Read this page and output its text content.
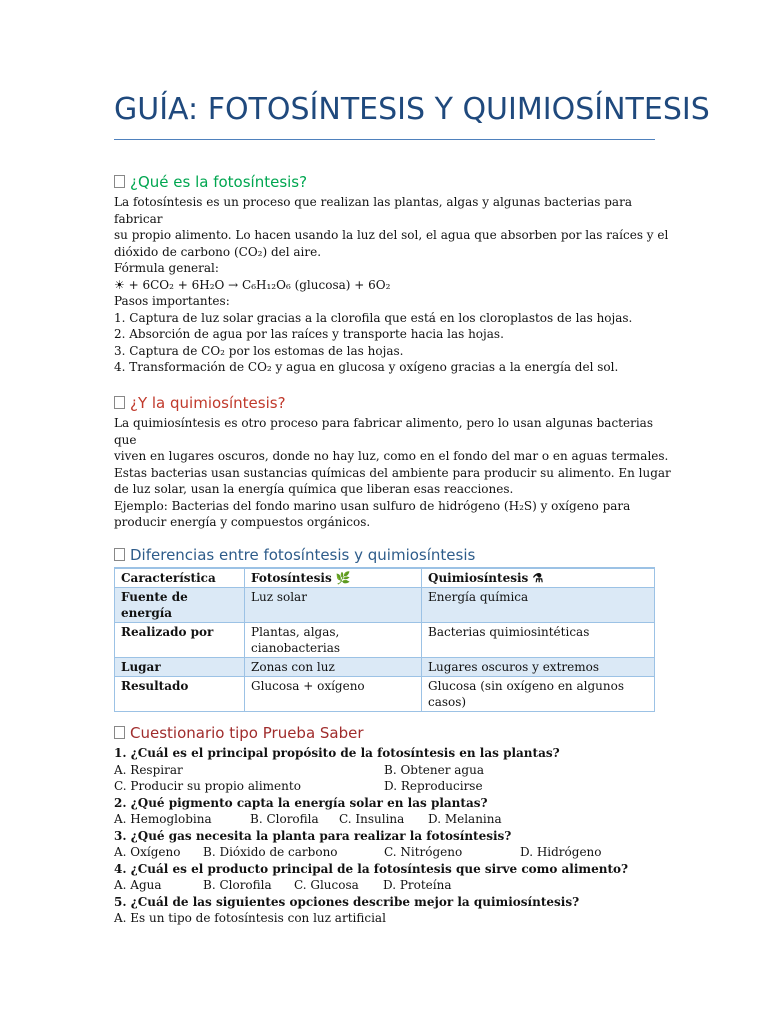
GUÍA: FOTOSÍNTESIS Y QUIMIOSÍNTESIS
¿Qué es la fotosíntesis?

La fotosíntesis es un proceso que realizan las plantas, algas y algunas bacterias para fabricar

su propio alimento. Lo hacen usando la luz del sol, el agua que absorben por las raíces y el

dióxido de carbono (CO₂) del aire.

Fórmula general:

☀ + 6CO₂ + 6H₂O → C₆H₁₂O₆ (glucosa) + 6O₂

Pasos importantes:

1. Captura de luz solar gracias a la clorofila que está en los cloroplastos de las hojas.

2. Absorción de agua por las raíces y transporte hacia las hojas.

3. Captura de CO₂ por los estomas de las hojas.

4. Transformación de CO₂ y agua en glucosa y oxígeno gracias a la energía del sol.

¿Y la quimiosíntesis?

La quimiosíntesis es otro proceso para fabricar alimento, pero lo usan algunas bacterias que

viven en lugares oscuros, donde no hay luz, como en el fondo del mar o en aguas termales.

Estas bacterias usan sustancias químicas del ambiente para producir su alimento. En lugar

de luz solar, usan la energía química que liberan esas reacciones.

Ejemplo: Bacterias del fondo marino usan sulfuro de hidrógeno (H₂S) y oxígeno para

producir energía y compuestos orgánicos.

Diferencias entre fotosíntesis y quimiosíntesis
Característica	Fotosíntesis 🌿	Quimiosíntesis ⚗
Fuente de energía	Luz solar	Energía química
Realizado por	Plantas, algas, cianobacterias	Bacterias quimiosintéticas
Lugar	Zonas con luz	Lugares oscuros y extremos
Resultado	Glucosa + oxígeno	Glucosa (sin oxígeno en algunos casos)
Cuestionario tipo Prueba Saber

1. ¿Cuál es el principal propósito de la fotosíntesis en las plantas?

A. Respirar	B. Obtener agua
C. Producir su propio alimento	D. Reproducirse

2. ¿Qué pigmento capta la energía solar en las plantas?

A. Hemoglobina	B. Clorofila	C. Insulina	D. Melanina

3. ¿Qué gas necesita la planta para realizar la fotosíntesis?

A. Oxígeno	B. Dióxido de carbono	C. Nitrógeno	D. Hidrógeno

4. ¿Cuál es el producto principal de la fotosíntesis que sirve como alimento?

A. Agua	B. Clorofila	C. Glucosa	D. Proteína

5. ¿Cuál de las siguientes opciones describe mejor la quimiosíntesis?

A. Es un tipo de fotosíntesis con luz artificial
